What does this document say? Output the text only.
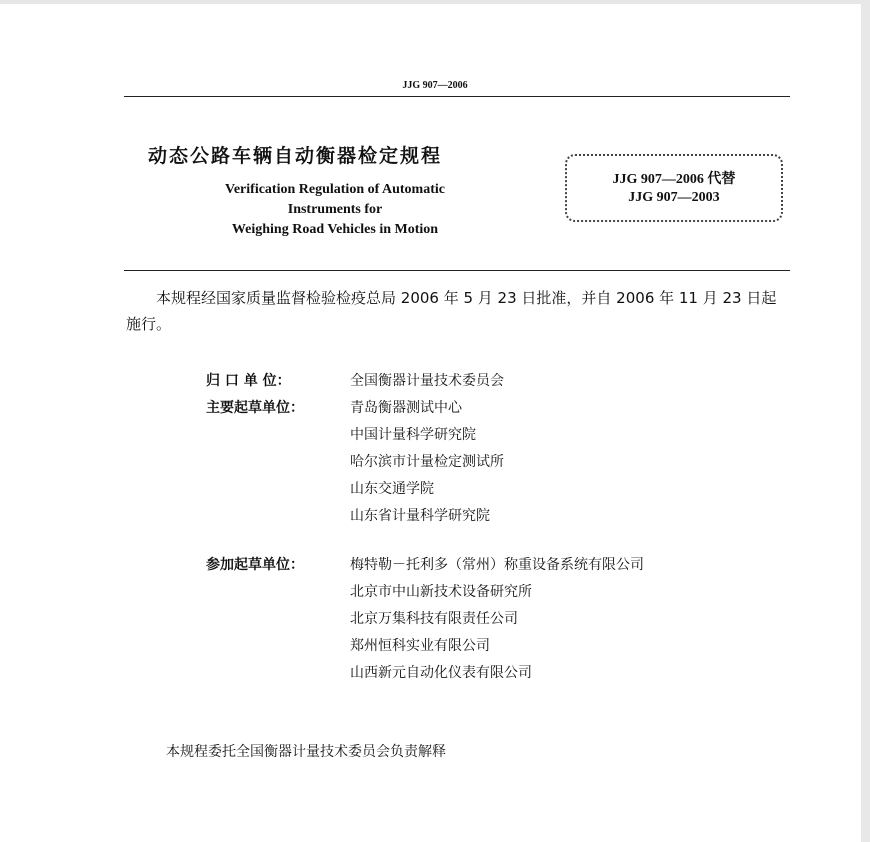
JJG 907—2006
动态公路车辆自动衡器检定规程
Verification Regulation of Automatic
Instruments for
Weighing Road Vehicles in Motion
JJG 907—2006 代替
JJG 907—2003
本规程经国家质量监督检验检疫总局 2006 年 5 月 23 日批准，并自 2006 年 11 月 23 日起施行。
归 口 单 位：	全国衡器计量技术委员会
主要起草单位：	青岛衡器测试中心
中国计量科学研究院
哈尔滨市计量检定测试所
山东交通学院
山东省计量科学研究院
参加起草单位：	梅特勒－托利多（常州）称重设备系统有限公司
北京市中山新技术设备研究所
北京万集科技有限责任公司
郑州恒科实业有限公司
山西新元自动化仪表有限公司
本规程委托全国衡器计量技术委员会负责解释
